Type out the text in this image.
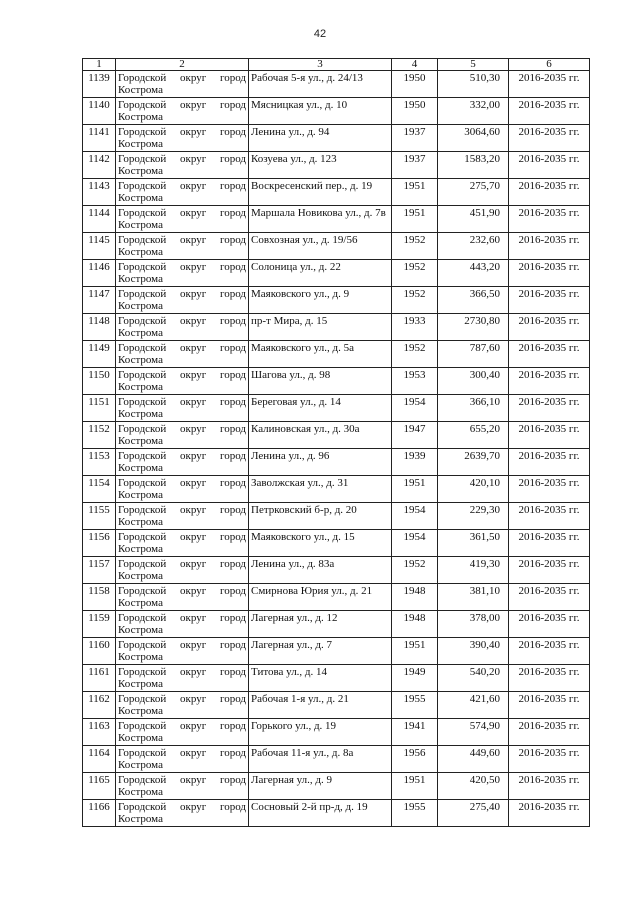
42
1	2	3	4	5	6
1139	Городской округ город Кострома	Рабочая 5-я ул., д. 24/13	1950	510,30	2016-2035 гг.
1140	Городской округ город Кострома	Мясницкая ул., д. 10	1950	332,00	2016-2035 гг.
1141	Городской округ город Кострома	Ленина ул., д. 94	1937	3064,60	2016-2035 гг.
1142	Городской округ город Кострома	Козуева ул., д. 123	1937	1583,20	2016-2035 гг.
1143	Городской округ город Кострома	Воскресенский пер., д. 19	1951	275,70	2016-2035 гг.
1144	Городской округ город Кострома	Маршала Новикова ул., д. 7в	1951	451,90	2016-2035 гг.
1145	Городской округ город Кострома	Совхозная ул., д. 19/56	1952	232,60	2016-2035 гг.
1146	Городской округ город Кострома	Солоница ул., д. 22	1952	443,20	2016-2035 гг.
1147	Городской округ город Кострома	Маяковского ул., д. 9	1952	366,50	2016-2035 гг.
1148	Городской округ город Кострома	пр-т Мира, д. 15	1933	2730,80	2016-2035 гг.
1149	Городской округ город Кострома	Маяковского ул., д. 5а	1952	787,60	2016-2035 гг.
1150	Городской округ город Кострома	Шагова ул., д. 98	1953	300,40	2016-2035 гг.
1151	Городской округ город Кострома	Береговая ул., д. 14	1954	366,10	2016-2035 гг.
1152	Городской округ город Кострома	Калиновская ул., д. 30а	1947	655,20	2016-2035 гг.
1153	Городской округ город Кострома	Ленина ул., д. 96	1939	2639,70	2016-2035 гг.
1154	Городской округ город Кострома	Заволжская ул., д. 31	1951	420,10	2016-2035 гг.
1155	Городской округ город Кострома	Петрковский б-р, д. 20	1954	229,30	2016-2035 гг.
1156	Городской округ город Кострома	Маяковского ул., д. 15	1954	361,50	2016-2035 гг.
1157	Городской округ город Кострома	Ленина ул., д. 83а	1952	419,30	2016-2035 гг.
1158	Городской округ город Кострома	Смирнова Юрия ул., д. 21	1948	381,10	2016-2035 гг.
1159	Городской округ город Кострома	Лагерная ул., д. 12	1948	378,00	2016-2035 гг.
1160	Городской округ город Кострома	Лагерная ул., д. 7	1951	390,40	2016-2035 гг.
1161	Городской округ город Кострома	Титова ул., д. 14	1949	540,20	2016-2035 гг.
1162	Городской округ город Кострома	Рабочая 1-я ул., д. 21	1955	421,60	2016-2035 гг.
1163	Городской округ город Кострома	Горького ул., д. 19	1941	574,90	2016-2035 гг.
1164	Городской округ город Кострома	Рабочая 11-я ул., д. 8а	1956	449,60	2016-2035 гг.
1165	Городской округ город Кострома	Лагерная ул., д. 9	1951	420,50	2016-2035 гг.
1166	Городской округ город Кострома	Сосновый 2-й пр-д, д. 19	1955	275,40	2016-2035 гг.
